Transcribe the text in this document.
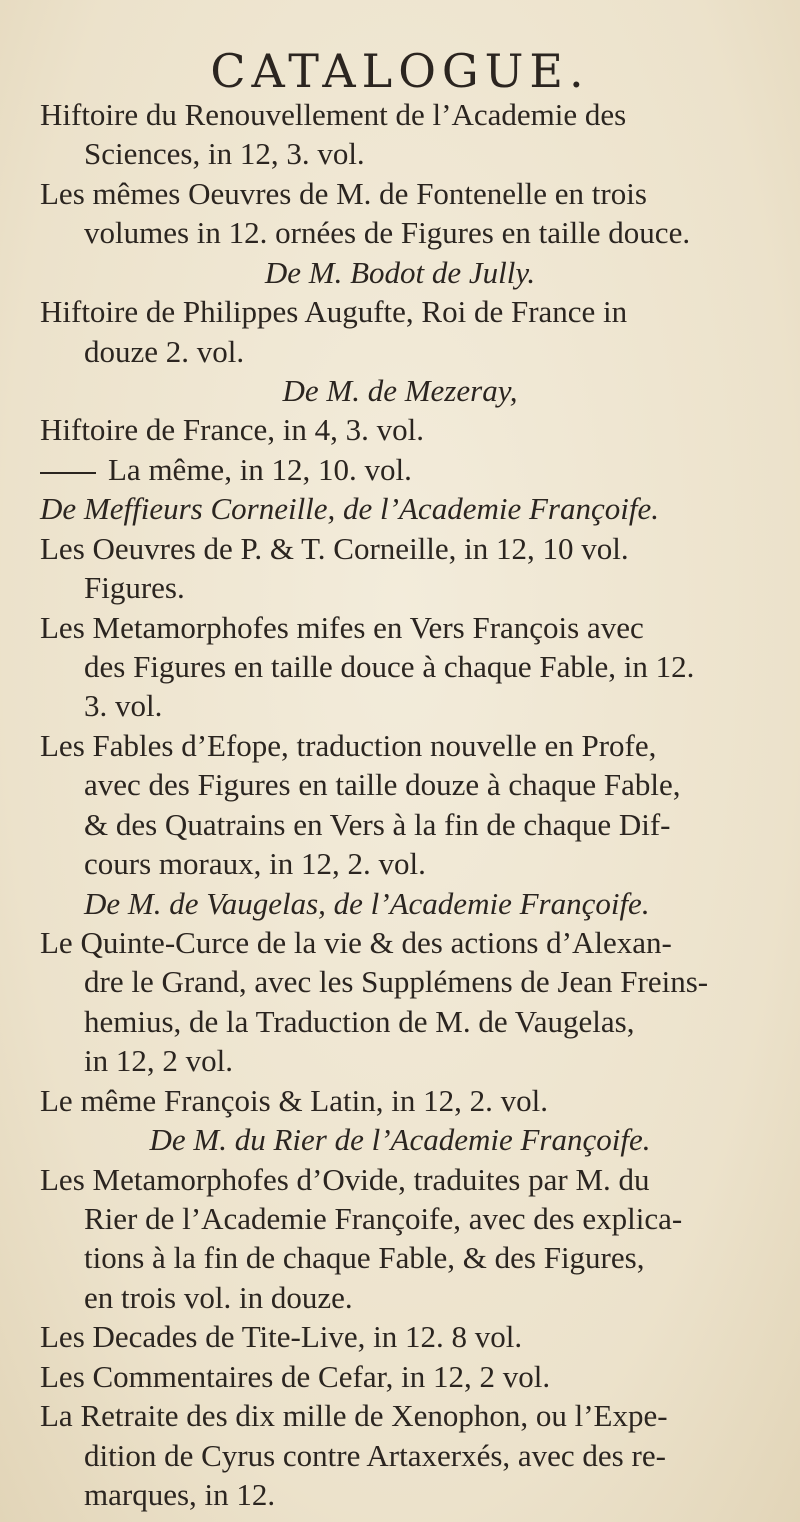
CATALOGUE.
Hiftoire du Renouvellement de l’Academie des
Sciences, in 12, 3. vol.
Les mêmes Oeuvres de M. de Fontenelle en trois
volumes in 12. ornées de Figures en taille douce.
De M. Bodot de Jully.
Hiftoire de Philippes Augufte, Roi de France in
douze 2. vol.
De M. de Mezeray,
Hiftoire de France, in 4, 3. vol.
La même, in 12, 10. vol.
De Meffieurs Corneille, de l’Academie Françoife.
Les Oeuvres de P. & T. Corneille, in 12, 10 vol.
Figures.
Les Metamorphofes mifes en Vers François avec
des Figures en taille douce à chaque Fable, in 12.
3. vol.
Les Fables d’Efope, traduction nouvelle en Profe,
avec des Figures en taille douze à chaque Fable,
& des Quatrains en Vers à la fin de chaque Dif-
cours moraux, in 12, 2. vol.
De M. de Vaugelas, de l’Academie Françoife.
Le Quinte-Curce de la vie & des actions d’Alexan-
dre le Grand, avec les Supplémens de Jean Freins-
hemius, de la Traduction de M. de Vaugelas,
in 12, 2 vol.
Le même François & Latin, in 12, 2. vol.
De M. du Rier de l’Academie Françoife.
Les Metamorphofes d’Ovide, traduites par M. du
Rier de l’Academie Françoife, avec des explica-
tions à la fin de chaque Fable, & des Figures,
en trois vol. in douze.
Les Decades de Tite-Live, in 12. 8 vol.
Les Commentaires de Cefar, in 12, 2 vol.
La Retraite des dix mille de Xenophon, ou l’Expe-
dition de Cyrus contre Artaxerxés, avec des re-
marques, in 12.
